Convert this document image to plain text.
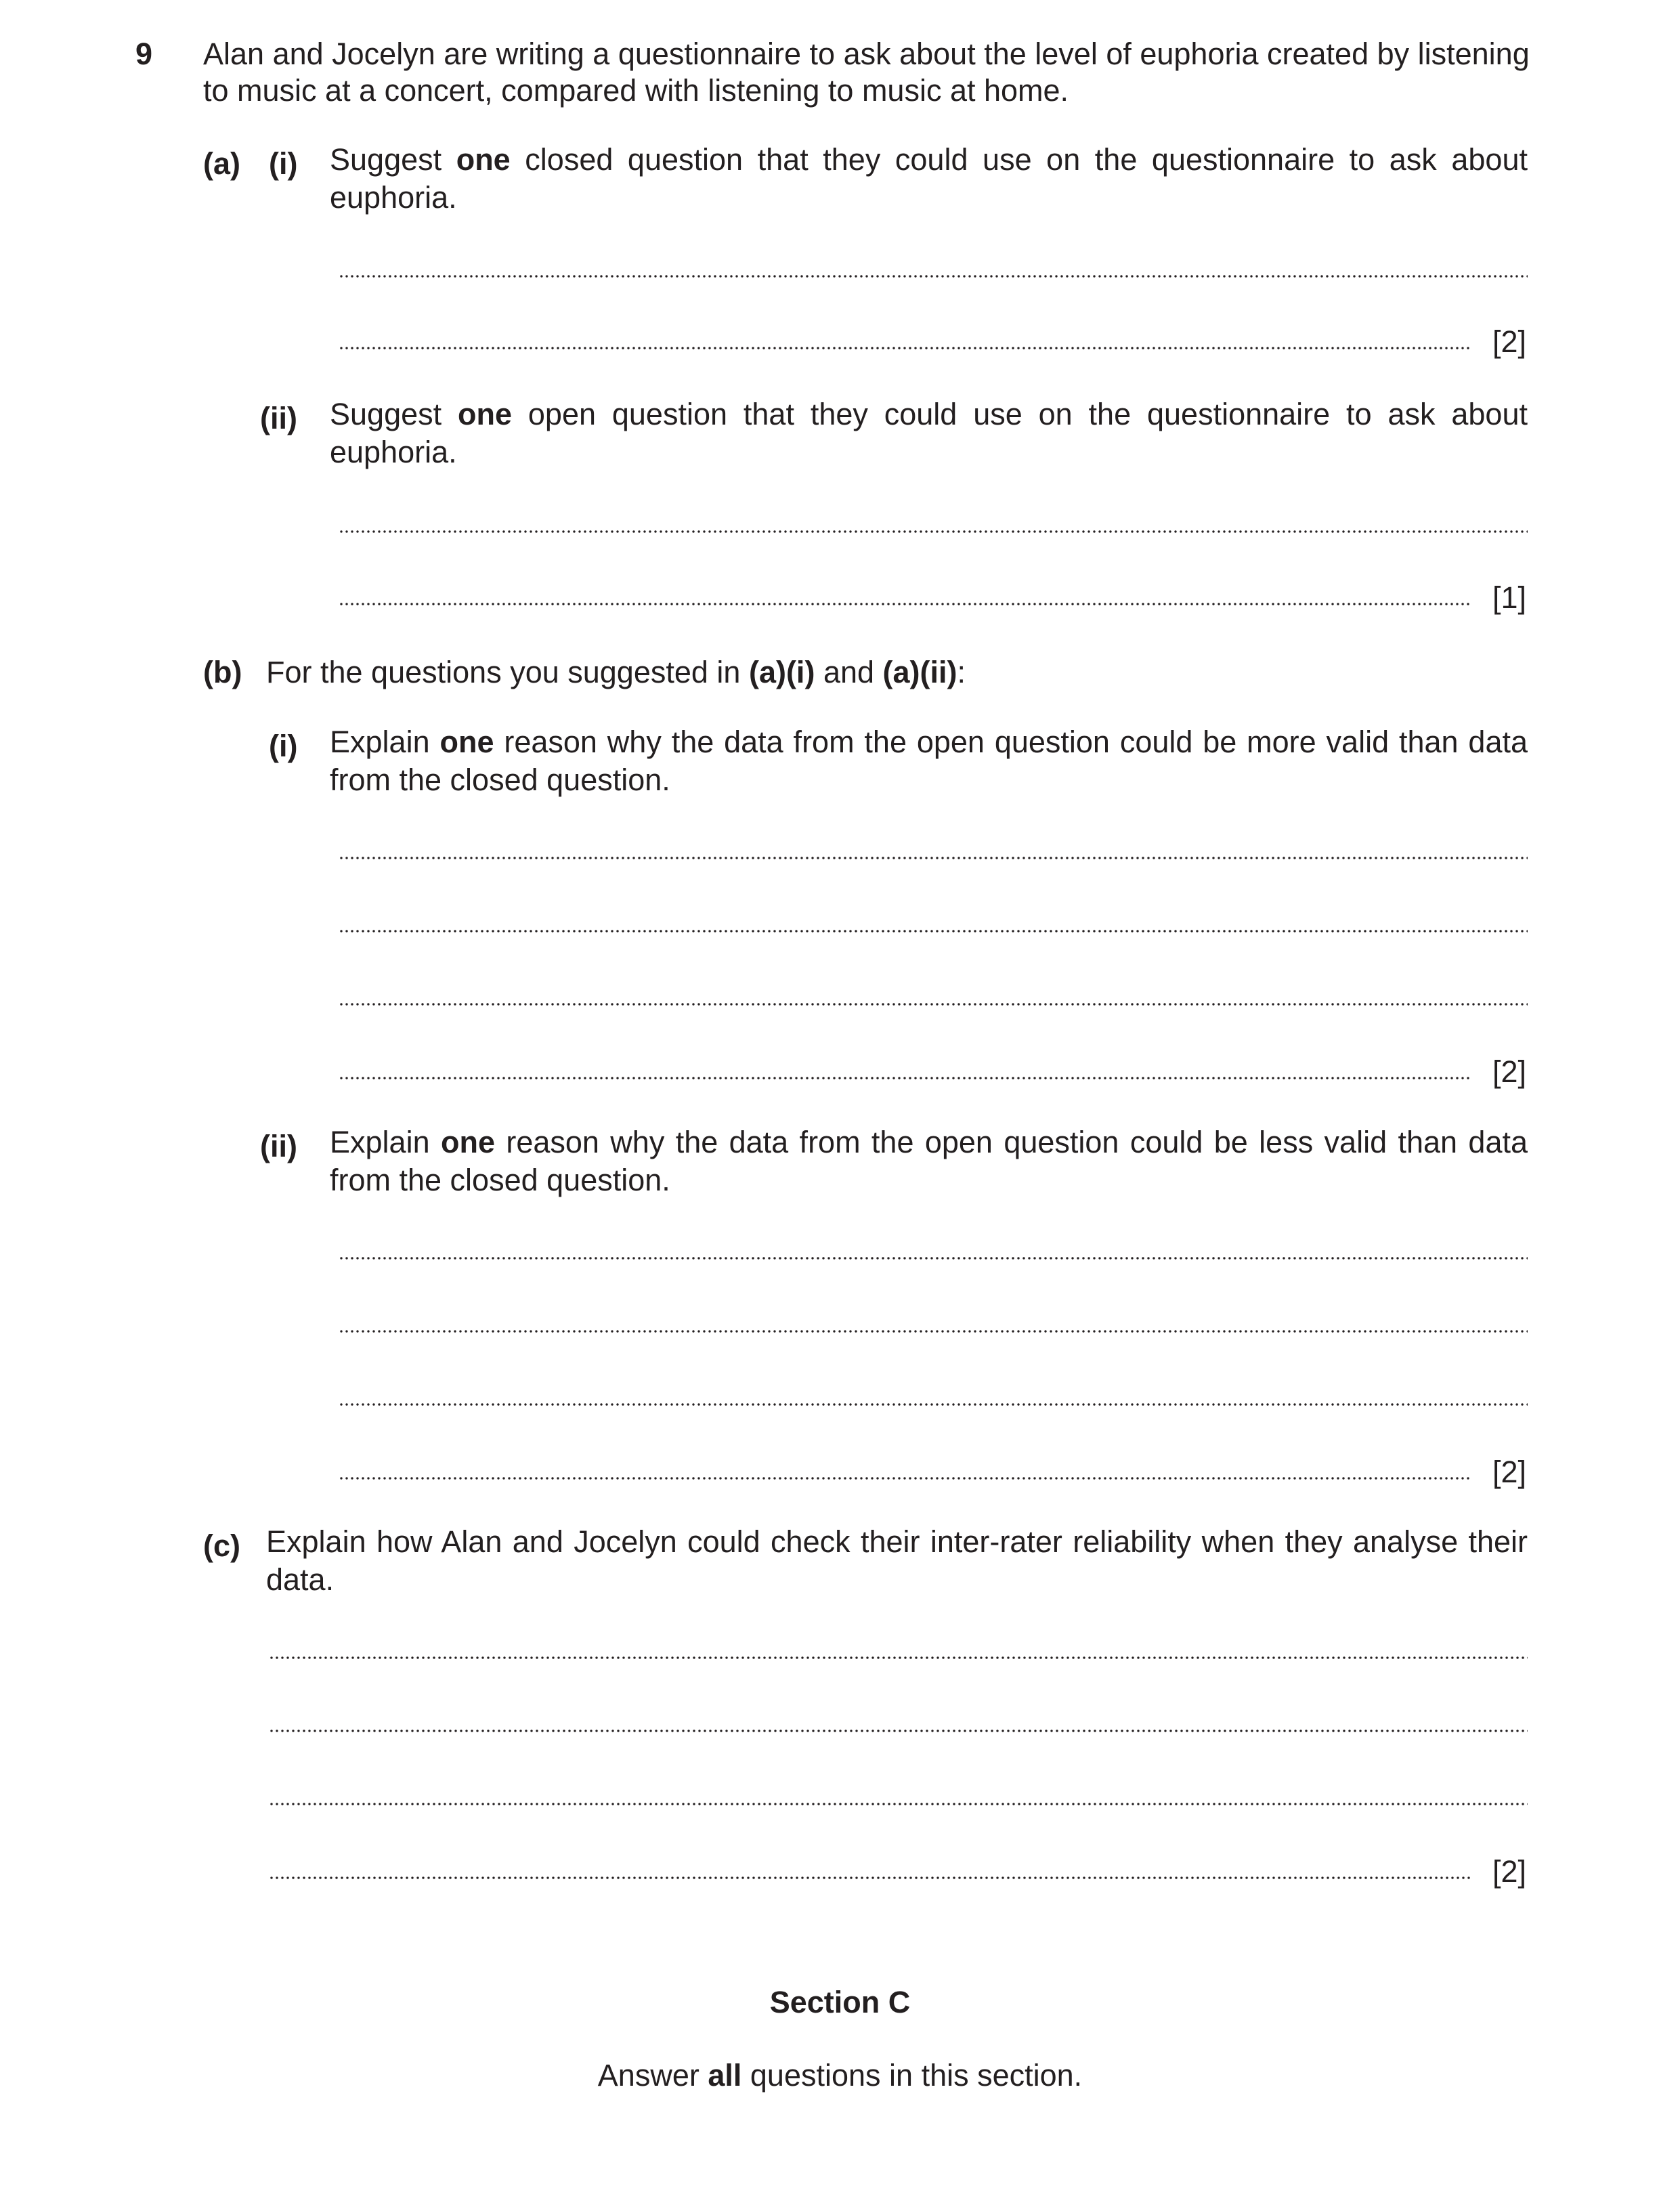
9 Alan and Jocelyn are writing a questionnaire to ask about the level of euphoria created by listening
to music at a concert, compared with listening to music at home.
(a) (i) Suggest one closed question that they could use on the questionnaire to ask about euphoria.
[2]
(ii) Suggest one open question that they could use on the questionnaire to ask about euphoria.
[1]
(b) For the questions you suggested in (a)(i) and (a)(ii):
(i) Explain one reason why the data from the open question could be more valid than data from the closed question.
[2]
(ii) Explain one reason why the data from the open question could be less valid than data from the closed question.
[2]
(c) Explain how Alan and Jocelyn could check their inter-rater reliability when they analyse their data.
[2]
Section C
Answer all questions in this section.
